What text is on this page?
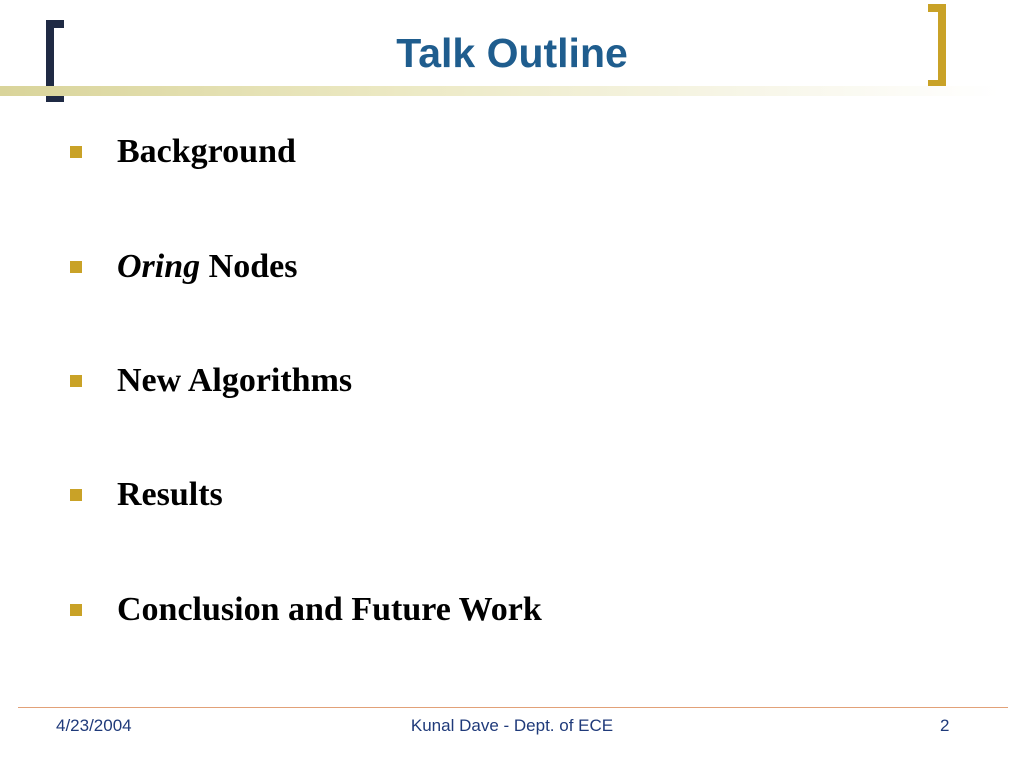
Talk Outline
Background
Oring Nodes
New Algorithms
Results
Conclusion and Future Work
4/23/2004	Kunal Dave - Dept. of ECE	2
